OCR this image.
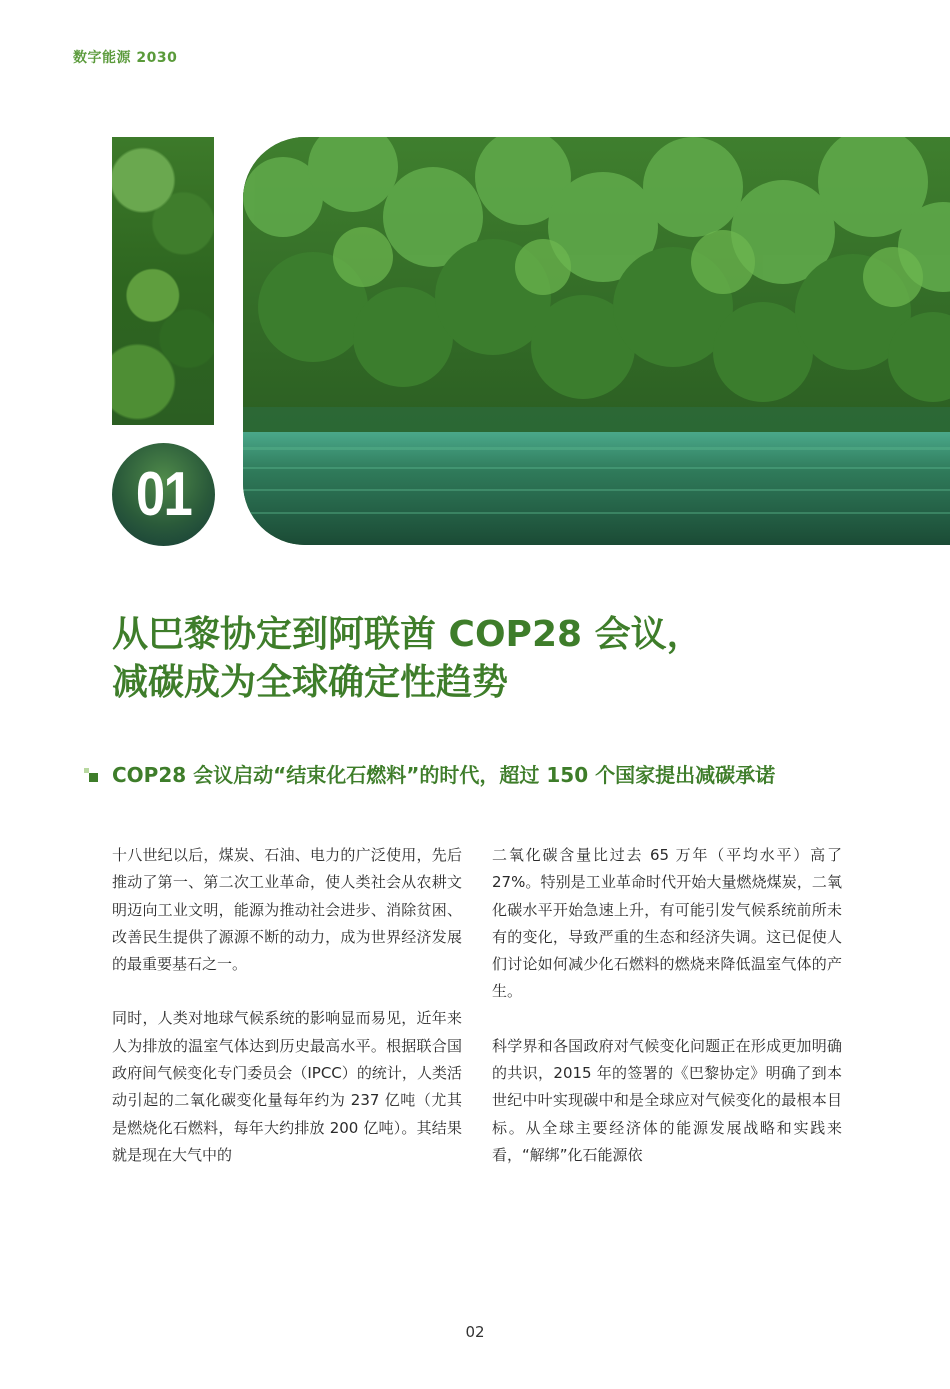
数字能源 2030
01
从巴黎协定到阿联酋 COP28 会议，
减碳成为全球确定性趋势
COP28 会议启动“结束化石燃料”的时代，超过 150 个国家提出减碳承诺

十八世纪以后，煤炭、石油、电力的广泛使用，先后推动了第一、第二次工业革命，使人类社会从农耕文明迈向工业文明，能源为推动社会进步、消除贫困、改善民生提供了源源不断的动力，成为世界经济发展的最重要基石之一。

同时，人类对地球气候系统的影响显而易见，近年来人为排放的温室气体达到历史最高水平。根据联合国政府间气候变化专门委员会（IPCC）的统计，人类活动引起的二氧化碳变化量每年约为 237 亿吨（尤其是燃烧化石燃料，每年大约排放 200 亿吨）。其结果就是现在大气中的

二氧化碳含量比过去 65 万年（平均水平）高了 27%。特别是工业革命时代开始大量燃烧煤炭，二氧化碳水平开始急速上升，有可能引发气候系统前所未有的变化，导致严重的生态和经济失调。这已促使人们讨论如何减少化石燃料的燃烧来降低温室气体的产生。

科学界和各国政府对气候变化问题正在形成更加明确的共识，2015 年的签署的《巴黎协定》明确了到本世纪中叶实现碳中和是全球应对气候变化的最根本目标。从全球主要经济体的能源发展战略和实践来看，“解绑”化石能源依

02
